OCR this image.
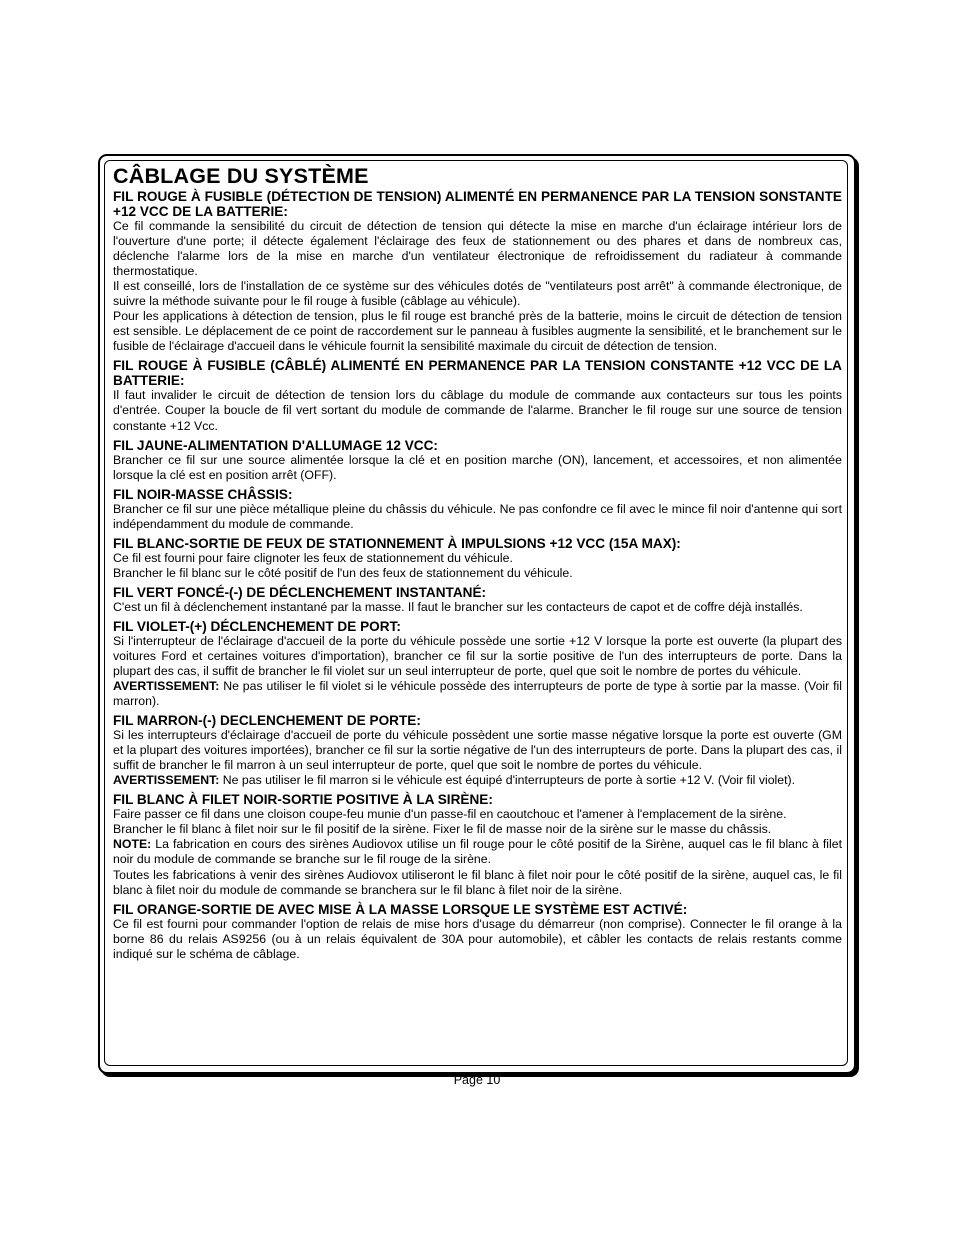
CÂBLAGE DU SYSTÈME
FIL ROUGE À FUSIBLE (DÉTECTION DE TENSION) ALIMENTÉ EN PERMANENCE PAR LA TENSION SONSTANTE +12 VCC DE LA BATTERIE:

Ce fil commande la sensibilité du circuit de détection de tension qui détecte la mise en marche d'un éclairage intérieur lors de l'ouverture d'une porte; il détecte également l'éclairage des feux de stationnement ou des phares et dans de nombreux cas, déclenche l'alarme lors de la mise en marche d'un ventilateur électronique de refroidissement du radiateur à commande thermostatique.

Il est conseillé, lors de l'installation de ce système sur des véhicules dotés de "ventilateurs post arrêt" à commande électronique, de suivre la méthode suivante pour le fil rouge à fusible (câblage au véhicule).

Pour les applications à détection de tension, plus le fil rouge est branché près de la batterie, moins le circuit de détection de tension est sensible. Le déplacement de ce point de raccordement sur le panneau à fusibles augmente la sensibilité, et le branchement sur le fusible de l'éclairage d'accueil dans le véhicule fournit la sensibilité maximale du circuit de détection de tension.

FIL ROUGE À FUSIBLE (CÂBLÉ) ALIMENTÉ EN PERMANENCE PAR LA TENSION CONSTANTE +12 VCC DE LA BATTERIE:

Il faut invalider le circuit de détection de tension lors du câblage du module de commande aux contacteurs sur tous les points d'entrée. Couper la boucle de fil vert sortant du module de commande de l'alarme. Brancher le fil rouge sur une source de tension constante +12 Vcc.

FIL JAUNE-ALIMENTATION D'ALLUMAGE 12 VCC:

Brancher ce fil sur une source alimentée lorsque la clé et en position marche (ON), lancement, et accessoires, et non alimentée lorsque la clé est en position arrêt (OFF).

FIL NOIR-MASSE CHÂSSIS:

Brancher ce fil sur une pièce métallique pleine du châssis du véhicule. Ne pas confondre ce fil avec le mince fil noir d'antenne qui sort indépendamment du module de commande.

FIL BLANC-SORTIE DE FEUX DE STATIONNEMENT À IMPULSIONS +12 VCC (15A MAX):

Ce fil est fourni pour faire clignoter les feux de stationnement du véhicule.

Brancher le fil blanc sur le côté positif de l'un des feux de stationnement du véhicule.

FIL VERT FONCÉ-(-) DE DÉCLENCHEMENT INSTANTANÉ:

C'est un fil à déclenchement instantané par la masse. Il faut le brancher sur les contacteurs de capot et de coffre déjà installés.

FIL VIOLET-(+) DÉCLENCHEMENT DE PORT:

Si l'interrupteur de l'éclairage d'accueil de la porte du véhicule possède une sortie +12 V lorsque la porte est ouverte (la plupart des voitures Ford et certaines voitures d'importation), brancher ce fil sur la sortie positive de l'un des interrupteurs de porte. Dans la plupart des cas, il suffit de brancher le fil violet sur un seul interrupteur de porte, quel que soit le nombre de portes du véhicule.

AVERTISSEMENT: Ne pas utiliser le fil violet si le véhicule possède des interrupteurs de porte de type à sortie par la masse. (Voir fil marron).

FIL MARRON-(-) DECLENCHEMENT DE PORTE:

Si les interrupteurs d'éclairage d'accueil de porte du véhicule possèdent une sortie masse négative lorsque la porte est ouverte (GM et la plupart des voitures importées), brancher ce fil sur la sortie négative de l'un des interrupteurs de porte. Dans la plupart des cas, il suffit de brancher le fil marron à un seul interrupteur de porte, quel que soit le nombre de portes du véhicule.

AVERTISSEMENT: Ne pas utiliser le fil marron si le véhicule est équipé d'interrupteurs de porte à sortie +12 V. (Voir fil violet).

FIL BLANC À FILET NOIR-SORTIE POSITIVE À LA SIRÈNE:

Faire passer ce fil dans une cloison coupe-feu munie d'un passe-fil en caoutchouc et l'amener à l'emplacement de la sirène.

Brancher le fil blanc à filet noir sur le fil positif de la sirène. Fixer le fil de masse noir de la sirène sur le masse du châssis.

NOTE: La fabrication en cours des sirènes Audiovox utilise un fil rouge pour le côté positif de la Sirène, auquel cas le fil blanc à filet noir du module de commande se branche sur le fil rouge de la sirène.

Toutes les fabrications à venir des sirènes Audiovox utiliseront le fil blanc à filet noir pour le côté positif de la sirène, auquel cas, le fil blanc à filet noir du module de commande se branchera sur le fil blanc à filet noir de la sirène.

FIL ORANGE-SORTIE DE AVEC MISE À LA MASSE LORSQUE LE SYSTÈME EST ACTIVÉ:

Ce fil est fourni pour commander l'option de relais de mise hors d'usage du démarreur (non comprise). Connecter le fil orange à la borne 86 du relais AS9256 (ou à un relais équivalent de 30A pour automobile), et câbler les contacts de relais restants comme indiqué sur le schéma de câblage.

Page 10
